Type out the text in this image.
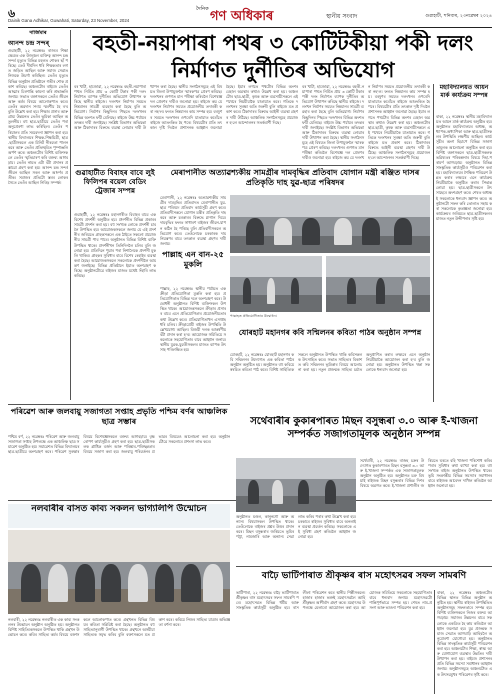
৬
Dainik Gana Adhikar, Guwahati, Saturday, 23 November, 2024
দৈনিক গণ অধিকাৰ	স্থানীয় সংবাদ	গুৱাহাটী, শনিবাৰ, ২৩নৱেম্বৰ ২০২৪
দাৰ্জিমাৰ
আনন্দ চন্দ্ৰ সন্দৰ্
গুৱাহাটী, ২২ নৱেম্বৰঃ ৰাজ্যৰ শিক্ষা ক্ষেত্ৰত এক উজ্জ্বল ব্যক্তিত্ব আনন্দ চন্দ্ৰ সন্দৰ্ৰ মৃত্যুত বিভিন্ন মহলত শোকৰ ছাঁ পৰিছে। তেওঁ দীৰ্ঘদিন ধৰি শিক্ষকতাৰ লগত জড়িত আছিল আৰু সমাজ সেৱাত নিজকে উচৰ্গা কৰিছিল। তেওঁৰ মৃত্যুত বিভিন্ন অনুষ্ঠান প্ৰতিষ্ঠানে গভীৰ শোক প্ৰকাশ কৰিছে। অঞ্চলটোৰ ৰাইজে তেওঁৰ আত্মাৰ চিৰশান্তি কামনা কৰি শ্ৰদ্ধাঞ্জলি জনায়। সভাত বক্তাসকলে তেওঁৰ জীৱন আৰু কৰ্মৰ বিষয়ে আলোকপাত কৰে। তেওঁৰ অৱদান সদায় স্মৰণীয় হৈ ৰ'ব বুলি উল্লেখ কৰা হয়। শিক্ষাৰ প্ৰসাৰ আৰু গ্ৰাম্য উন্নয়নত তেওঁৰ ভূমিকা আছিল অতুলনীয়। বহু ছাত্ৰ-ছাত্ৰীয়ে তেওঁৰ পৰা অনুপ্ৰেৰণা লাভ কৰিছিল। তেওঁৰ পৰিয়ালৰ প্ৰতি সমবেদনা জ্ঞাপন কৰা হয়। স্থানীয় বিদ্যালয়ৰ শিক্ষক-শিক্ষয়িত্ৰী, ছাত্ৰ-ছাত্ৰীসকলে এক মিনিট নীৰৱতা পালন কৰে আৰু তেওঁৰ প্ৰতিচ্ছবিত পুষ্পাঞ্জলি অৰ্পণ কৰে। অঞ্চলটোৰ বিশিষ্ট ব্যক্তিসকলে তেওঁৰ স্মৃতিচাৰণ কৰি বক্তব্য আগবঢ়ায়। তেওঁৰ নামত এটা বঁটা প্ৰদানৰ প্ৰস্তাৱো গ্ৰহণ কৰা হয়। আনন্দ চন্দ্ৰ সন্দৰ্ৰ জীৱন আছিল সৰল আৰু আদৰ্শৰ প্ৰতীক। সমাজৰ প্ৰতিটো স্তৰৰ লোকৰ সৈতে তেওঁৰ আছিল নিবিড় সম্পৰ্ক।
বহতী-নয়াপাৰা পথৰ ৩ কোটিটকীয়া পকী দলং নিৰ্মাণত দুৰ্নীতিৰ অভিযোগ
বৰ খাটা, হাজোৱা, ২২ নৱেম্বৰঃ বহতী-নয়াপাৰা পথত নিৰ্মিত প্ৰায় ৩ কোটি টকাৰ পকী দলং নিৰ্মাণত ব্যাপক দুৰ্নীতিৰ অভিযোগ উত্থাপন কৰিছে স্থানীয় ৰাইজে। দলংখন নিৰ্মাণৰ সময়ত নিম্নমানৰ সামগ্ৰী ব্যৱহাৰ কৰা হৈছে বুলি অভিযোগ। নিৰ্মাণৰ কিছুদিনৰ পিছতে দলংখনৰ বিভিন্ন অংশত ফাঁট মেলিছে। ৰাইজে উচ্চ পৰ্যায়ৰ তদন্তৰ দাবী জনাইছে। সংশ্লিষ্ট বিভাগৰ অভিযন্তা আৰু ঠিকাদাৰৰ বিৰুদ্ধে ব্যৱস্থা লোৱাৰ দাবী উত্থাপন কৰা হৈছে। স্থানীয় সংগঠনসমূহে এই বিষয়ত জিলা উপায়ুক্তলৈ স্মাৰকপত্ৰ প্ৰেৰণ কৰিছে। দলংখনৰ গুণগত মান পৰীক্ষা কৰিবলৈ বিশেষজ্ঞ দল প্ৰেৰণৰ দাবীও জনোৱা হয়। ৰাইজে কয় যে দলংখন নিৰ্মাণৰ সময়ত প্ৰয়োজনীয় তদাৰকী কৰা নহ'ল। ফলত নিম্নমানৰ কাম সম্পন্ন হয়। বৰষুণৰ সময়ত দলংখনৰ ওপৰেদি যাতায়াত কৰোঁতে ৰাইজে আতংকিত হৈ পৰে। বিষয়টোৰ প্ৰতি তৎকাল দৃষ্টি দিবলৈ প্ৰশাসনক আহ্বান জনোৱা হৈছে। ইয়াৰ লগতে পথটোৰ বিভিন্ন অংশৰ বেহাল অৱস্থাৰ কথাও উল্লেখ কৰা হয়। অঞ্চলটোৰ ছাত্ৰ-ছাত্ৰী, কৃষক আৰু ব্যৱসায়ীসকলে এই পথেৰে নিয়মীয়াকৈ যাতায়াত কৰে। গতিকে দলংখনৰ সুৰক্ষা অতি জৰুৰী বুলি ৰাইজে মত প্ৰকাশ কৰে। ঠিকাদাৰৰ বিৰুদ্ধে আইনী ব্যৱস্থা গ্ৰহণৰ দাবী উঠিছে। আঞ্চলিক সংগঠনসমূহে প্ৰয়োজন হ'লে আন্দোলনৰ সতৰ্কবাণী দিছে।
বৰ খাটা, হাজোৱা, ২২ নৱেম্বৰঃ বহতী-নয়াপাৰা পথত নিৰ্মিত প্ৰায় ৩ কোটি টকাৰ পকী দলং নিৰ্মাণত ব্যাপক দুৰ্নীতিৰ অভিযোগ উত্থাপন কৰিছে স্থানীয় ৰাইজে। দলংখন নিৰ্মাণৰ সময়ত নিম্নমানৰ সামগ্ৰী ব্যৱহাৰ কৰা হৈছে বুলি অভিযোগ। নিৰ্মাণৰ কিছুদিনৰ পিছতে দলংখনৰ বিভিন্ন অংশত ফাঁট মেলিছে। ৰাইজে উচ্চ পৰ্যায়ৰ তদন্তৰ দাবী জনাইছে। সংশ্লিষ্ট বিভাগৰ অভিযন্তা আৰু ঠিকাদাৰৰ বিৰুদ্ধে ব্যৱস্থা লোৱাৰ দাবী উত্থাপন কৰা হৈছে। স্থানীয় সংগঠনসমূহে এই বিষয়ত জিলা উপায়ুক্তলৈ স্মাৰকপত্ৰ প্ৰেৰণ কৰিছে। দলংখনৰ গুণগত মান পৰীক্ষা কৰিবলৈ বিশেষজ্ঞ দল প্ৰেৰণৰ দাবীও জনোৱা হয়। ৰাইজে কয় যে দলংখন নিৰ্মাণৰ সময়ত প্ৰয়োজনীয় তদাৰকী কৰা নহ'ল। ফলত নিম্নমানৰ কাম সম্পন্ন হয়। বৰষুণৰ সময়ত দলংখনৰ ওপৰেদি যাতায়াত কৰোঁতে ৰাইজে আতংকিত হৈ পৰে। বিষয়টোৰ প্ৰতি তৎকাল দৃষ্টি দিবলৈ প্ৰশাসনক আহ্বান জনোৱা হৈছে। ইয়াৰ লগতে পথটোৰ বিভিন্ন অংশৰ বেহাল অৱস্থাৰ কথাও উল্লেখ কৰা হয়। অঞ্চলটোৰ ছাত্ৰ-ছাত্ৰী, কৃষক আৰু ব্যৱসায়ীসকলে এই পথেৰে নিয়মীয়াকৈ যাতায়াত কৰে। গতিকে দলংখনৰ সুৰক্ষা অতি জৰুৰী বুলি ৰাইজে মত প্ৰকাশ কৰে। ঠিকাদাৰৰ বিৰুদ্ধে আইনী ব্যৱস্থা গ্ৰহণৰ দাবী উঠিছে। আঞ্চলিক সংগঠনসমূহে প্ৰয়োজন হ'লে আন্দোলনৰ সতৰ্কবাণী দিছে।
মহাবিদ্যালয়ত আয়ন মাৰ্ক কাৰ্য্যক্ৰম সম্পন্ন
বাকা, ২২ নৱেম্বৰঃ স্থানীয় মহাবিদ্যালয়ত আয়ন মাৰ্ক কাৰ্য্যক্ৰম অনুষ্ঠিত হয়। অনুষ্ঠানত মহাবিদ্যালয়ৰ অধ্যক্ষ, অধ্যাপক-অধ্যাপিকা আৰু ছাত্ৰ-ছাত্ৰীসকলৰ উপস্থিতি লক্ষণীয় আছিল। কাৰ্য্যসূচীৰ অংগ হিচাপে বিভিন্ন সজাগতামূলক আলোচনা অনুষ্ঠিত কৰা হয়। বিশিষ্ট বক্তাসকলে ছাত্ৰ-ছাত্ৰীসকলক ভৱিষ্যতৰ পৰিকল্পনাৰ বিষয়ে দিহা-পৰামৰ্শ আগবঢ়ায়। অনুষ্ঠানত বিভিন্ন সাংস্কৃতিক কাৰ্য্যসূচীও পৰিৱেশন কৰা হয়। মহাবিদ্যালয়ৰ শৈক্ষিক পৰিৱেশ উন্নত কৰাৰ লক্ষ্যৰে এনে কাৰ্য্যক্ৰম নিয়মীয়াকৈ অনুষ্ঠিত কৰাৰ সিদ্ধান্ত লোৱা হয়। ছাত্ৰ-ছাত্ৰীসকলে উৎসাহেৰে অংশগ্ৰহণ কৰে। শেষত অধ্যক্ষই সকলোকে ধন্যবাদ জ্ঞাপন কৰে। অনুষ্ঠানটো সফল কৰি তোলাত সহায় কৰা সকলোকে কৃতজ্ঞতা জনোৱা হয়। কাৰ্য্যক্ৰমৰ জৰিয়তে ছাত্ৰ-ছাত্ৰীসকলৰ মাজত নতুন উদ্দীপনাৰ সৃষ্টি হয়।
গুৱাহাটীত বিবাহৰ বাবে লুই ফিলিপৰ বয়েল বেডিং ট্ৰেজাৰ সম্পন্ন
গুৱাহাটী, ২২ নৱেম্বৰঃ মহানগৰীত বিবাহৰ বাবে এক বিশেষ প্ৰদৰ্শনী অনুষ্ঠিত হয়। প্ৰদৰ্শনীত বিভিন্ন প্ৰকাৰৰ সামগ্ৰী প্ৰদৰ্শন কৰা হয়। বহু সংখ্যক লোকে প্ৰদৰ্শনী চাবলৈ উপস্থিত হয়। আয়োজকসকলে জনায় যে এই প্ৰদৰ্শনীৰ জৰিয়তে গ্ৰাহকসকলে এক ঠাইতে সকলো প্ৰয়োজনীয় সামগ্ৰী পাব পাৰে। অনুষ্ঠানত বিভিন্ন বিশিষ্ট ব্যক্তি উপস্থিত থাকে। প্ৰদৰ্শনীখন তিনিদিনলৈ চলিব বুলি জনোৱা হয়। প্ৰতিদিনে পুৱাৰ পৰা নিশালৈকে প্ৰদৰ্শনী মুকলি থাকিব। গ্ৰাহকৰ সুবিধাৰ বাবে বিশেষ ৰেহাইৰ ব্যৱস্থা কৰা হৈছে। আয়োজকসকলে সকলোকে প্ৰদৰ্শনীলৈ আমন্ত্ৰণ জনাইছে। বিভিন্ন প্ৰতিষ্ঠানে ইয়াত অংশগ্ৰহণ কৰিছে। অনুষ্ঠানটোৱে ৰাইজৰ মাজত যথেষ্ট সঁহাৰি লাভ কৰিছে।
মেৰাপানীত অত্যাৱশ্যকীয় সামগ্ৰীৰ দামবৃদ্ধিৰ প্ৰতিবাদ যোগান মন্ত্ৰী ৰঞ্জিত দাসৰ প্ৰতিকৃতি দাহ যুৱ-ছাত্ৰ পৰিষদৰ
মেৰাপানী, ২২ নৱেম্বৰঃ অত্যাৱশ্যকীয় সামগ্ৰীৰ দামবৃদ্ধিৰ প্ৰতিবাদত মেৰাপানীত যুৱ-ছাত্ৰ পৰিষদে প্ৰতিবাদ কাৰ্য্যসূচী গ্ৰহণ কৰে। প্ৰতিবাদীসকলে যোগান মন্ত্ৰীৰ প্ৰতিকৃতি দাহ কৰে আৰু চৰকাৰৰ বিৰুদ্ধে শ্ল'গান দিয়ে। দামবৃদ্ধিৰ ফলত সাধাৰণ ৰাইজৰ জীৱন-যাপন কঠিন হৈ পৰিছে বুলি প্ৰতিবাদীসকলে অভিযোগ কৰে। তেওঁলোকে চৰকাৰক দাম নিয়ন্ত্ৰণৰ বাবে তৎকাল ব্যৱস্থা গ্ৰহণৰ দাবী জনায়।
পাল্লাহ এন বান-২৫ মুকলি
পাল্লাহ, ২২ নৱেম্বৰঃ স্থানীয় পৰ্যায়ত এক ক্ৰীড়া প্ৰতিযোগিতা মুকলি কৰা হয়। প্ৰতিযোগিতাত বিভিন্ন দলে অংশগ্ৰহণ কৰে। উদ্বোধনী অনুষ্ঠানত বিশিষ্ট ব্যক্তিসকল উপস্থিত থাকে। আয়োজকসকলে ক্ৰীড়াৰ প্ৰসাৰৰ বাবে এনে প্ৰতিযোগিতাৰ প্ৰয়োজনীয়তাৰ কথা উল্লেখ কৰে। প্ৰতিযোগিতাখন এসপ্তাহ ধৰি চলিব। ক্ৰীড়াপ্ৰেমী ৰাইজৰ উপস্থিতি উল্লেখযোগ্য আছিল। বিজয়ী দলক আকৰ্ষণীয় বঁটা প্ৰদান কৰা হ'ব। আয়োজক সমিতিয়ে সকলোকে সহযোগিতাৰ বাবে আহ্বান জনায়। স্থানীয় যুৱক-যুৱতীসকলৰ মাজত ব্যাপক উৎসাহ পৰিলক্ষিত হয়।
পাল্লাহত প্ৰতিযোগিতাৰ উদ্বোধন।
যোৰহাট মহানগৰ কবি সন্মিলনৰ কবিতা পাঠৰ অনুষ্ঠান সম্পন্ন
যোৰহাট, ২২ নৱেম্বৰঃ যোৰহাট মহানগৰ কবি সন্মিলনৰ উদ্যোগত এক কবিতা পাঠৰ অনুষ্ঠান অনুষ্ঠিত হয়। অনুষ্ঠানত বহু কবিয়ে স্বৰচিত কবিতা পাঠ কৰে। বিশিষ্ট সাহিত্যিকসকলে অনুষ্ঠানত উপস্থিত থাকি কবিসকলক উৎসাহিত কৰে। সভাত সাহিত্যৰ বিকাশত কবি সন্মিলনৰ ভূমিকাৰ বিষয়ে আলোচনা কৰা হয়। নতুন প্ৰজন্মক সাহিত্য চৰ্চাত অনুপ্ৰাণিত কৰাৰ লক্ষ্যৰে এনে অনুষ্ঠান নিয়মীয়াকৈ আয়োজন কৰা হ'ব বুলি জনোৱা হয়। অনুষ্ঠানত উপস্থিত থকা সকলোকে ধন্যবাদ জনোৱা হয়।
পৰিৱেশ আৰু জলবায়ু সজাগতা সপ্তাহ প্ৰভৃতি পশ্চিম বৰ্ণৰ আঞ্চলিক ছাত্ৰ সম্ভাৰ
পশ্চিম বৰ্ণ, ২২ নৱেম্বৰঃ পৰিৱেশ আৰু জলবায়ু সজাগতা সপ্তাহ উপলক্ষে এক আঞ্চলিক ছাত্ৰ সমাৱেশ অনুষ্ঠিত হয়। সমাৱেশত বিভিন্ন বিদ্যালয়ৰ ছাত্ৰ-ছাত্ৰীয়ে অংশগ্ৰহণ কৰে। পৰিৱেশ সুৰক্ষাৰ বিষয়ে বিশেষজ্ঞসকলে বক্তব্য আগবঢ়ায়। বৃক্ষৰোপণ কাৰ্য্যসূচীও গ্ৰহণ কৰা হয়। ছাত্ৰ-ছাত্ৰীসকলক প্লাষ্টিক বৰ্জন আৰু পৰিষ্কাৰ-পৰিচ্ছন্নতাৰ বিষয়ে সজাগ কৰা হয়। জলবায়ু পৰিৱৰ্তনৰ প্ৰভাৱৰ বিষয়েও আলোচনা কৰা হয়। অনুষ্ঠানটোৱে সকলোৰে প্ৰশংসা লাভ কৰে।
সৰ্থেবাৰীৰ কুকাৰপাৰত মিছন বসুন্ধৰা ৩.০ আৰু ই-খাজনা সম্পৰ্কত সজাগতামূলক অনুষ্ঠান সম্পন্ন
সৰ্থেবাৰী, ২২ নৱেম্বৰঃ ৰাজহ চক্ৰৰ উদ্যোগত কুকাৰপাৰত মিছন বসুন্ধৰা ৩.০ আৰু ই-খাজনা সম্পৰ্কত এক সজাগতামূলক অনুষ্ঠান অনুষ্ঠিত হয়। অনুষ্ঠানত চক্ৰ বিষয়াই ৰাইজক মিছন বসুন্ধৰাৰ বিভিন্ন দিশৰ বিষয়ে অৱগত কৰে। ই-খাজনা প্ৰণালীৰ জৰিয়তে ঘৰতে বহি খাজনা পৰিশোধ কৰিব পৰাৰ সুবিধাৰ কথা ব্যাখ্যা কৰা হয়। বহু সংখ্যক ৰাইজ অনুষ্ঠানত উপস্থিত থাকে। ভূমি সংক্ৰান্তীয় বিভিন্ন সমস্যাৰ সমাধানৰ বাবে ৰাইজক আবেদন দাখিল কৰিবলৈ আহ্বান জনোৱা হয়।
অনুষ্ঠানত মণ্ডল, কানুনগো আৰু অন্যান্য বিষয়াসকল উপস্থিত থাকে। তেওঁলোকে ৰাইজৰ প্ৰশ্নৰ উত্তৰ প্ৰদান কৰে। মিছন বসুন্ধৰাৰ জৰিয়তে ভূমিৰ পট্টা, নামজাৰি আৰু অন্যান্য সেৱা লাভ কৰিব পৰাৰ কথা উল্লেখ কৰা হয়। চৰকাৰে ৰাইজৰ সুবিধাৰ বাবে অনলাইন ব্যৱস্থা প্ৰৱৰ্তন কৰিছে। সকলোকে এই সুবিধা গ্ৰহণ কৰিবলৈ আহ্বান জনোৱা হয়।
নলবাৰীৰ বাসত কাব্য সকলন ভাগ্যলিপি উন্মোচন
নলবাৰী, ২২ নৱেম্বৰঃ নলবাৰীত এক কাব্য সংকলনৰ উন্মোচন অনুষ্ঠান অনুষ্ঠিত হয়। অনুষ্ঠানত বিশিষ্ট সাহিত্যিকসকলে উপস্থিত থাকি গ্ৰন্থখন উন্মোচন কৰে। কবিৰ সাহিত্য কৰ্মৰ বিষয়ে বক্তাসকলে আলোকপাত কৰে। গ্ৰন্থখনত বিভিন্ন বিষয়ৰ কবিতা সন্নিৱিষ্ট কৰা হৈছে। অনুষ্ঠানত বহু সাহিত্যানুৰাগী উপস্থিত থাকে। গ্ৰন্থখনে অসমীয়া সাহিত্যক সমৃদ্ধ কৰিব বুলি বক্তাসকলে মত প্ৰকাশ কৰে। কবিয়ে নিজৰ সাহিত্য যাত্ৰাৰ অভিজ্ঞতা বৰ্ণনা কৰে।
বাঢ়ৈ ভাটিপাৰাত শ্ৰীকৃষ্ণৰ ৰাস মহোৎসৱৰ সফল সামৰণি
ভাটিপাৰা, ২২ নৱেম্বৰঃ বাঢ়ৈ ভাটিপাৰাত শ্ৰীকৃষ্ণৰ ৰাস মহোৎসৱৰ সফল সামৰণি পৰে। মহোৎসৱত বিভিন্ন ধৰ্মীয় আৰু সাংস্কৃতিক কাৰ্য্যসূচী অনুষ্ঠিত হয়। ৰাস লীলা পৰিৱেশন কৰে স্থানীয় শিল্পীসকলে। হাজাৰ হাজাৰ ভক্তই মহোৎসৱলৈ আহি শ্ৰীকৃষ্ণৰ আশীৰ্বাদ গ্ৰহণ কৰে। মহোৎসৱ উপলক্ষে মেলাৰো আয়োজন কৰা হয়। আয়োজক সমিতিয়ে সকলোকে সহযোগিতাৰ বাবে ধন্যবাদ জনায়। মহোৎসৱটো শান্তিপূৰ্ণভাৱে সম্পন্ন হয়। শেষত নাম-প্ৰসংগ আৰু ভাওনা পৰিৱেশন কৰা হয়।
বাকা, ২২ নৱেম্বৰঃ অঞ্চলটোৰ বিভিন্ন স্থানত বিভিন্ন অনুষ্ঠান অনুষ্ঠিত হয়। স্থানীয় ৰাইজৰ উপস্থিতিত অনুষ্ঠানসমূহ সফলতাৰে সম্পন্ন হয়। বিশিষ্ট ব্যক্তিসকলে নিজৰ বক্তব্য আগবঢ়ায়। সমাজৰ উন্নয়নৰ বাবে সকলোকে একত্ৰিত হৈ কাম কৰিবলৈ আহ্বান জনোৱা হয়। যুৱ প্ৰজন্মক সমাজ সেৱাত আগবাঢ়ি আহিবলৈ অনুপ্ৰেৰণা যোগোৱা হয়। অনুষ্ঠানত বিভিন্ন সাংস্কৃতিক কাৰ্য্যসূচী পৰিৱেশন কৰা হয়। অঞ্চলটোৰ শিক্ষা, স্বাস্থ্য আৰু যোগাযোগ ব্যৱস্থাৰ উন্নতিৰ দাবী উত্থাপন কৰা হয়। ৰাইজে প্ৰশাসনৰ প্ৰতি বিভিন্ন সমস্যা সমাধানৰ আহ্বান জনায়। অনুষ্ঠানসমূহে অঞ্চলটোত এক উৎসৱমুখৰ পৰিৱেশৰ সৃষ্টি কৰে।
